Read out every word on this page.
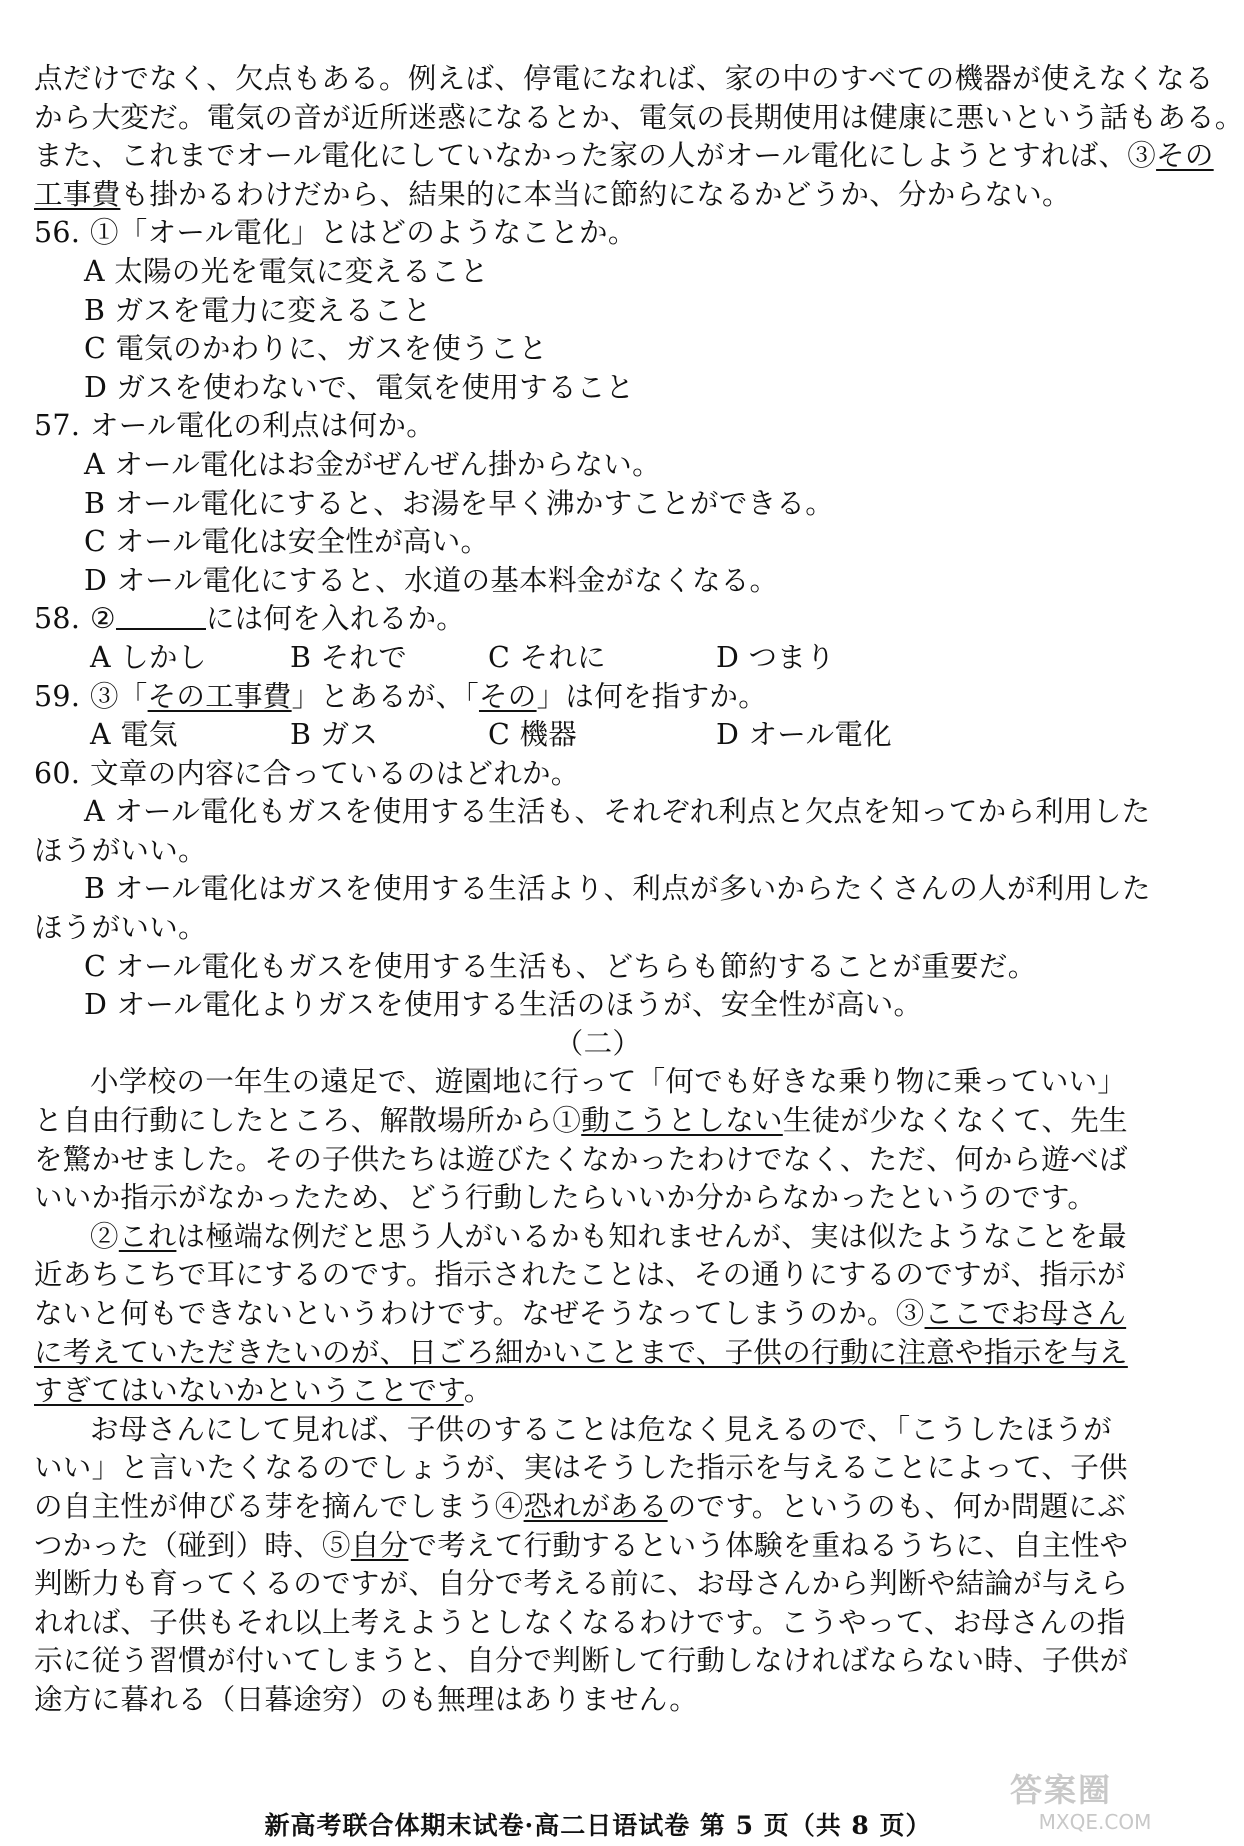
点だけでなく、欠点もある。例えば、停電になれば、家の中のすべての機器が使えなくなる
から大変だ。電気の音が近所迷惑になるとか、電気の長期使用は健康に悪いという話もある。
また、これまでオール電化にしていなかった家の人がオール電化にしようとすれば、③その
工事費も掛かるわけだから、結果的に本当に節約になるかどうか、分からない。
56. ①「オール電化」とはどのようなことか。
A 太陽の光を電気に変えること
B ガスを電力に変えること
C 電気のかわりに、ガスを使うこと
D ガスを使わないで、電気を使用すること
57. オール電化の利点は何か。
A オール電化はお金がぜんぜん掛からない。
B オール電化にすると、お湯を早く沸かすことができる。
C オール電化は安全性が高い。
D オール電化にすると、水道の基本料金がなくなる。
58. ②	には何を入れるか。
A しかし	B それで	C それに	D つまり
59. ③「その工事費」とあるが、「その」は何を指すか。
A 電気	B ガス	C 機器	D オール電化
60. 文章の内容に合っているのはどれか。
A オール電化もガスを使用する生活も、それぞれ利点と欠点を知ってから利用した
ほうがいい。
B オール電化はガスを使用する生活より、利点が多いからたくさんの人が利用した
ほうがいい。
C オール電化もガスを使用する生活も、どちらも節約することが重要だ。
D オール電化よりガスを使用する生活のほうが、安全性が高い。
（二）
小学校の一年生の遠足で、遊園地に行って「何でも好きな乗り物に乗っていい」
と自由行動にしたところ、解散場所から①動こうとしない生徒が少なくなくて、先生
を驚かせました。その子供たちは遊びたくなかったわけでなく、ただ、何から遊べば
いいか指示がなかったため、どう行動したらいいか分からなかったというのです。
②これは極端な例だと思う人がいるかも知れませんが、実は似たようなことを最
近あちこちで耳にするのです。指示されたことは、その通りにするのですが、指示が
ないと何もできないというわけです。なぜそうなってしまうのか。③ここでお母さん
に考えていただきたいのが、日ごろ細かいことまで、子供の行動に注意や指示を与え
すぎてはいないかということです。
お母さんにして見れば、子供のすることは危なく見えるので、「こうしたほうが
いい」と言いたくなるのでしょうが、実はそうした指示を与えることによって、子供
の自主性が伸びる芽を摘んでしまう④恐れがあるのです。というのも、何か問題にぶ
つかった（碰到）時、⑤自分で考えて行動するという体験を重ねるうちに、自主性や
判断力も育ってくるのですが、自分で考える前に、お母さんから判断や結論が与えら
れれば、子供もそれ以上考えようとしなくなるわけです。こうやって、お母さんの指
示に従う習慣が付いてしまうと、自分で判断して行動しなければならない時、子供が
途方に暮れる（日暮途穷）のも無理はありません。
新高考联合体期末试卷·高二日语试卷 第 5 页（共 8 页）
答案圈
MXQE.COM
